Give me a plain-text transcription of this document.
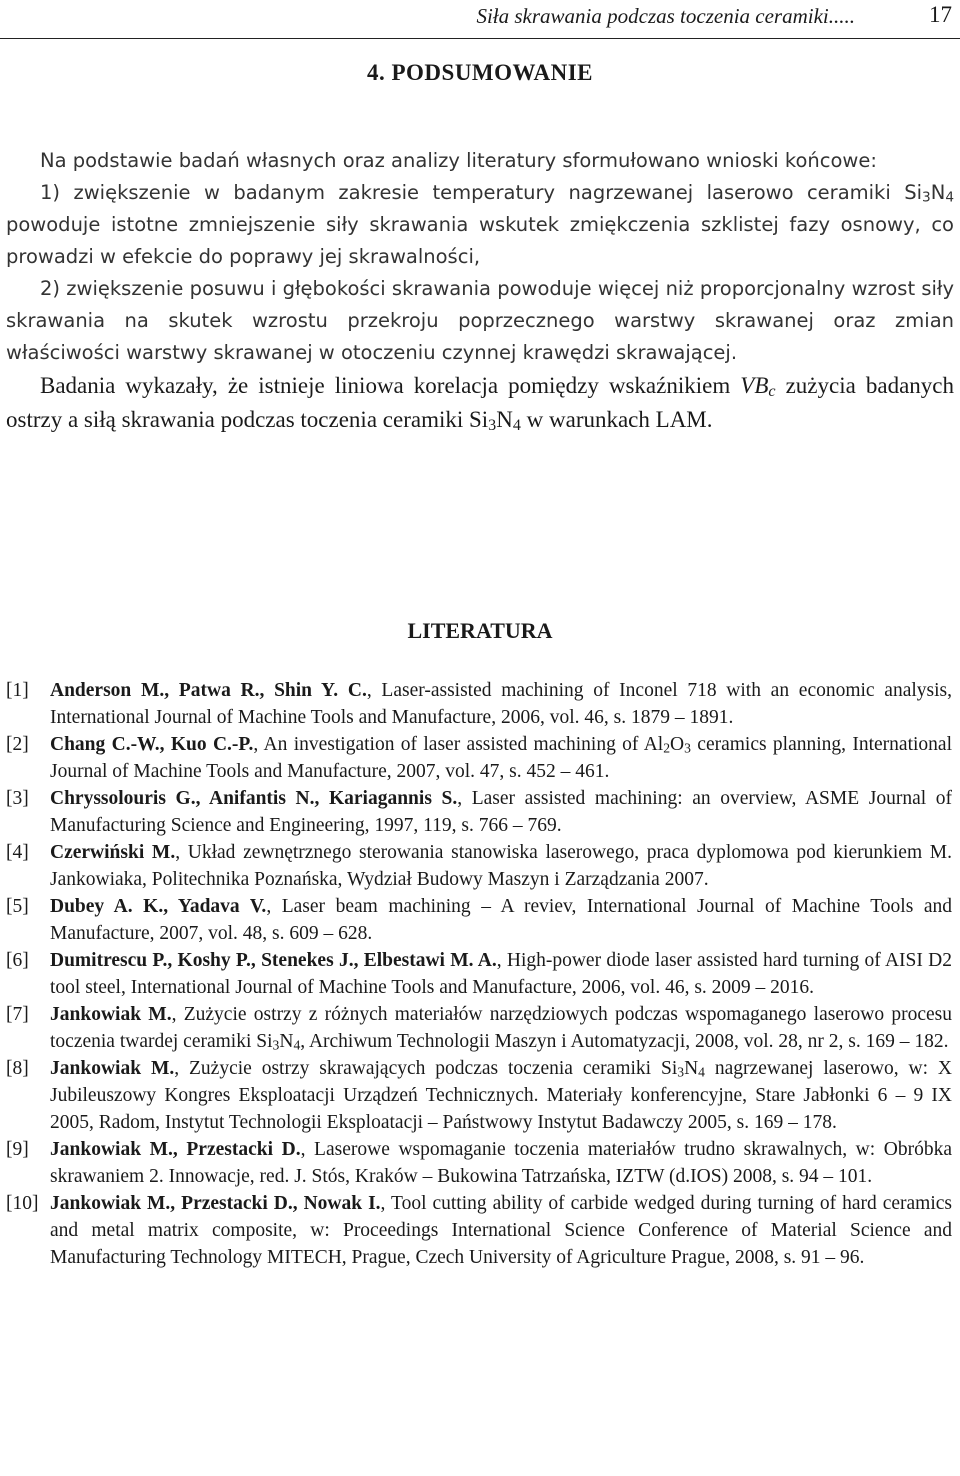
Siła skrawania podczas toczenia ceramiki.....	17
4. PODSUMOWANIE

Na podstawie badań własnych oraz analizy literatury sformułowano wnioski końcowe:

1) zwiększenie w badanym zakresie temperatury nagrzewanej laserowo ceramiki $Si_3N_4$ powoduje istotne zmniejszenie siły skrawania wskutek zmiękczenia szklistej fazy osnowy, co prowadzi w efekcie do poprawy jej skrawalności,

2) zwiększenie posuwu i głębokości skrawania powoduje więcej niż proporcjonalny wzrost siły skrawania na skutek wzrostu przekroju poprzecznego warstwy skrawanej oraz zmian właściwości warstwy skrawanej w otoczeniu czynnej krawędzi skrawającej.

Badania wykazały, że istnieje liniowa korelacja pomiędzy wskaźnikiem $VB_c$ zużycia badanych ostrzy a siłą skrawania podczas toczenia ceramiki $Si_3N_4$ w warunkach LAM.

LITERATURA
[1]	Anderson M., Patwa R., Shin Y. C., Laser-assisted machining of Inconel 718 with an economic analysis, International Journal of Machine Tools and Manufacture, 2006, vol. 46, s. 1879 – 1891.
[2]	Chang C.-W., Kuo C.-P., An investigation of laser assisted machining of $Al_2O_3$ ceramics planning, International Journal of Machine Tools and Manufacture, 2007, vol. 47, s. 452 – 461.
[3]	Chryssolouris G., Anifantis N., Kariagannis S., Laser assisted machining: an overview, ASME Journal of Manufacturing Science and Engineering, 1997, 119, s. 766 – 769.
[4]	Czerwiński M., Układ zewnętrznego sterowania stanowiska laserowego, praca dyplomowa pod kierunkiem M. Jankowiaka, Politechnika Poznańska, Wydział Budowy Maszyn i Zarządzania 2007.
[5]	Dubey A. K., Yadava V., Laser beam machining – A reviev, International Journal of Machine Tools and Manufacture, 2007, vol. 48, s. 609 – 628.
[6]	Dumitrescu P., Koshy P., Stenekes J., Elbestawi M. A., High-power diode laser assisted hard turning of AISI D2 tool steel, International Journal of Machine Tools and Manufacture, 2006, vol. 46, s. 2009 – 2016.
[7]	Jankowiak M., Zużycie ostrzy z różnych materiałów narzędziowych podczas wspomaganego laserowo procesu toczenia twardej ceramiki $Si_3N_4$, Archiwum Technologii Maszyn i Automatyzacji, 2008, vol. 28, nr 2, s. 169 – 182.
[8]	Jankowiak M., Zużycie ostrzy skrawających podczas toczenia ceramiki $Si_3N_4$ nagrzewanej laserowo, w: X Jubileuszowy Kongres Eksploatacji Urządzeń Technicznych. Materiały konferencyjne, Stare Jabłonki 6 – 9 IX 2005, Radom, Instytut Technologii Eksploatacji – Państwowy Instytut Badawczy 2005, s. 169 – 178.
[9]	Jankowiak M., Przestacki D., Laserowe wspomaganie toczenia materiałów trudno skrawalnych, w: Obróbka skrawaniem 2. Innowacje, red. J. Stós, Kraków – Bukowina Tatrzańska, IZTW (d.IOS) 2008, s. 94 – 101.
[10] Jankowiak M., Przestacki D., Nowak I., Tool cutting ability of carbide wedged during turning of hard ceramics and metal matrix composite, w: Proceedings International Science Conference of Material Science and Manufacturing Technology MITECH, Prague, Czech University of Agriculture Prague, 2008, s. 91 – 96.
